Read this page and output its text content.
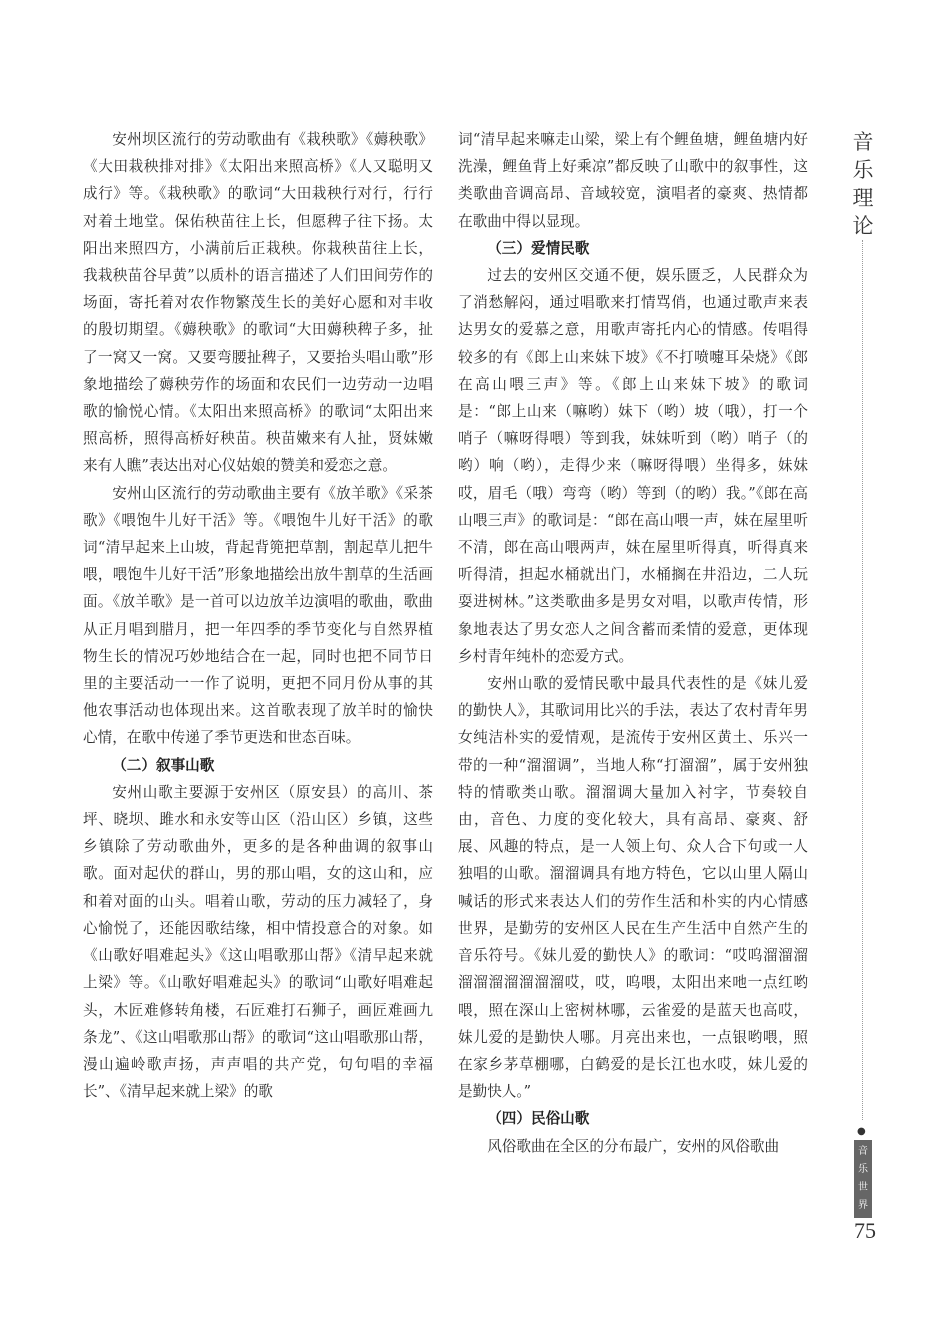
安州坝区流行的劳动歌曲有《栽秧歌》《薅秧歌》《大田栽秧排对排》《太阳出来照高桥》《人又聪明又成行》等。《栽秧歌》的歌词“大田栽秧行对行，行行对着土地堂。保佑秧苗往上长，但愿稗子往下扬。太阳出来照四方，小满前后正栽秧。你栽秧苗往上长，我栽秧苗谷早黄”以质朴的语言描述了人们田间劳作的场面，寄托着对农作物繁茂生长的美好心愿和对丰收的殷切期望。《薅秧歌》的歌词“大田薅秧稗子多，扯了一窝又一窝。又要弯腰扯稗子，又要抬头唱山歌”形象地描绘了薅秧劳作的场面和农民们一边劳动一边唱歌的愉悦心情。《太阳出来照高桥》的歌词“太阳出来照高桥，照得高桥好秧苗。秧苗嫩来有人扯，贤妹嫩来有人瞧”表达出对心仪姑娘的赞美和爱恋之意。

安州山区流行的劳动歌曲主要有《放羊歌》《采茶歌》《喂饱牛儿好干活》等。《喂饱牛儿好干活》的歌词“清早起来上山坡，背起背篼把草割，割起草儿把牛喂，喂饱牛儿好干活”形象地描绘出放牛割草的生活画面。《放羊歌》是一首可以边放羊边演唱的歌曲，歌曲从正月唱到腊月，把一年四季的季节变化与自然界植物生长的情况巧妙地结合在一起，同时也把不同节日里的主要活动一一作了说明，更把不同月份从事的其他农事活动也体现出来。这首歌表现了放羊时的愉快心情，在歌中传递了季节更迭和世态百味。

（二）叙事山歌

安州山歌主要源于安州区（原安县）的高川、茶坪、晓坝、雎水和永安等山区（沿山区）乡镇，这些乡镇除了劳动歌曲外，更多的是各种曲调的叙事山歌。面对起伏的群山，男的那山唱，女的这山和，应和着对面的山头。唱着山歌，劳动的压力减轻了，身心愉悦了，还能因歌结缘，相中情投意合的对象。如《山歌好唱难起头》《这山唱歌那山帮》《清早起来就上梁》等。《山歌好唱难起头》的歌词“山歌好唱难起头，木匠难修转角楼，石匠难打石狮子，画匠难画九条龙”、《这山唱歌那山帮》的歌词“这山唱歌那山帮，漫山遍岭歌声扬，声声唱的共产党，句句唱的幸福长”、《清早起来就上梁》的歌

词“清早起来嘛走山梁，梁上有个鲤鱼塘，鲤鱼塘内好洗澡，鲤鱼背上好乘凉”都反映了山歌中的叙事性，这类歌曲音调高昂、音域较宽，演唱者的豪爽、热情都在歌曲中得以显现。

（三）爱情民歌

过去的安州区交通不便，娱乐匮乏，人民群众为了消愁解闷，通过唱歌来打情骂俏，也通过歌声来表达男女的爱慕之意，用歌声寄托内心的情感。传唱得较多的有《郎上山来妹下坡》《不打喷嚏耳朵烧》《郎在高山喂三声》等。《郎上山来妹下坡》的歌词是：“郎上山来（嘛哟）妹下（哟）坡（哦），打一个哨子（嘛呀得喂）等到我，妹妹听到（哟）哨子（的哟）响（哟），走得少来（嘛呀得喂）坐得多，妹妹哎，眉毛（哦）弯弯（哟）等到（的哟）我。”《郎在高山喂三声》的歌词是：“郎在高山喂一声，妹在屋里听不清，郎在高山喂两声，妹在屋里听得真，听得真来听得清，担起水桶就出门，水桶搁在井沿边，二人玩耍进树林。”这类歌曲多是男女对唱，以歌声传情，形象地表达了男女恋人之间含蓄而柔情的爱意，更体现乡村青年纯朴的恋爱方式。

安州山歌的爱情民歌中最具代表性的是《妹儿爱的勤快人》，其歌词用比兴的手法，表达了农村青年男女纯洁朴实的爱情观，是流传于安州区黄土、乐兴一带的一种“溜溜调”，当地人称“打溜溜”，属于安州独特的情歌类山歌。溜溜调大量加入衬字，节奏较自由，音色、力度的变化较大，具有高昂、豪爽、舒展、风趣的特点，是一人领上句、众人合下句或一人独唱的山歌。溜溜调具有地方特色，它以山里人隔山喊话的形式来表达人们的劳作生活和朴实的内心情感世界，是勤劳的安州区人民在生产生活中自然产生的音乐符号。《妹儿爱的勤快人》的歌词：“哎呜溜溜溜溜溜溜溜溜溜溜哎，哎，呜喂，太阳出来吔一点红哟喂，照在深山上密树林哪，云雀爱的是蓝天也高哎，妹儿爱的是勤快人哪。月亮出来也，一点银哟喂，照在家乡茅草棚哪，白鹤爱的是长江也水哎，妹儿爱的是勤快人。”

（四）民俗山歌

风俗歌曲在全区的分布最广，安州的风俗歌曲

音
乐
理
论
●
音
乐
世
界
75
